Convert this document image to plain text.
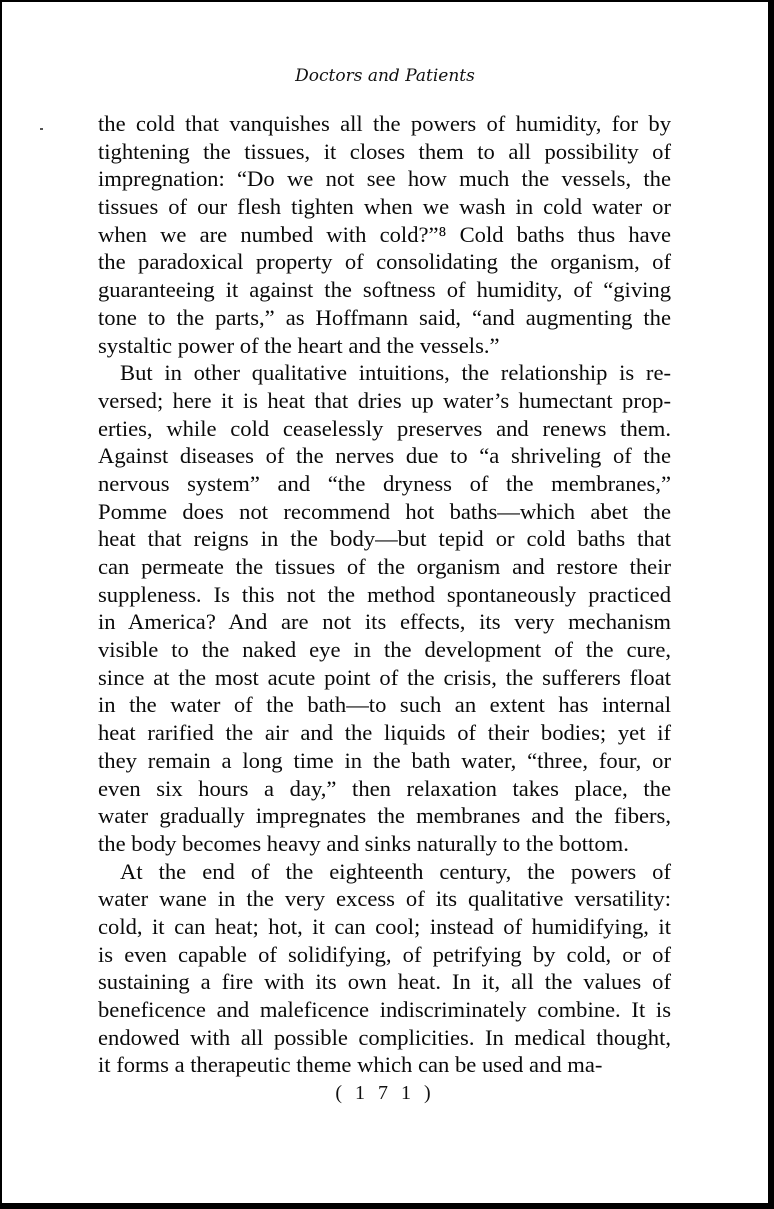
Doctors and Patients

the cold that vanquishes all the powers of humidity, for by
tightening the tissues, it closes them to all possibility of
impregnation: “Do we not see how much the vessels, the
tissues of our flesh tighten when we wash in cold water or
when we are numbed with cold?”⁸ Cold baths thus have
the paradoxical property of consolidating the organism, of
guaranteeing it against the softness of humidity, of “giving
tone to the parts,” as Hoffmann said, “and augmenting the
systaltic power of the heart and the vessels.”

But in other qualitative intuitions, the relationship is re-
versed; here it is heat that dries up water’s humectant prop-
erties, while cold ceaselessly preserves and renews them.
Against diseases of the nerves due to “a shriveling of the
nervous system” and “the dryness of the membranes,”
Pomme does not recommend hot baths—which abet the
heat that reigns in the body—but tepid or cold baths that
can permeate the tissues of the organism and restore their
suppleness. Is this not the method spontaneously practiced
in America? And are not its effects, its very mechanism
visible to the naked eye in the development of the cure,
since at the most acute point of the crisis, the sufferers float
in the water of the bath—to such an extent has internal
heat rarified the air and the liquids of their bodies; yet if
they remain a long time in the bath water, “three, four, or
even six hours a day,” then relaxation takes place, the
water gradually impregnates the membranes and the fibers,
the body becomes heavy and sinks naturally to the bottom.

At the end of the eighteenth century, the powers of
water wane in the very excess of its qualitative versatility:
cold, it can heat; hot, it can cool; instead of humidifying, it
is even capable of solidifying, of petrifying by cold, or of
sustaining a fire with its own heat. In it, all the values of
beneficence and maleficence indiscriminately combine. It is
endowed with all possible complicities. In medical thought,
it forms a therapeutic theme which can be used and ma-

( 1 7 1 )
